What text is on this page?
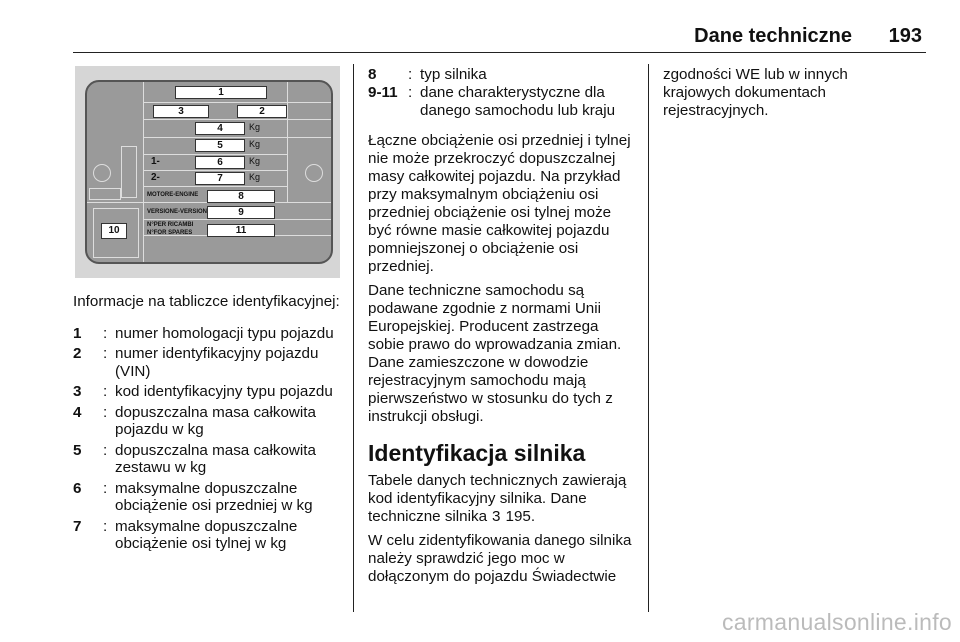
Dane techniczne 193
1
2
3
4
5
6
7
8
9
11
10
Kg
Kg
Kg
Kg
1-
2-
MOTORE-ENGINE
VERSIONE-VERSION
N°PER RICAMBI
N°FOR SPARES

Informacje na tabliczce identyfikacyjnej:

1	: numer homologacji typu pojazdu
2	: numer identyfikacyjny pojazdu (VIN)
3	: kod identyfikacyjny typu pojazdu
4	: dopuszczalna masa całkowita pojazdu w kg
5	: dopuszczalna masa całkowita zestawu w kg
6	: maksymalne dopuszczalne obciążenie osi przedniej w kg
7	: maksymalne dopuszczalne obciążenie osi tylnej w kg
8	: typ silnika
9-11 : dane charakterystyczne dla danego samochodu lub kraju

Łączne obciążenie osi przedniej i tylnej nie może przekroczyć dopuszczalnej masy całkowitej pojazdu. Na przykład przy maksymalnym obciążeniu osi przedniej obciążenie osi tylnej może być równe masie całkowitej pojazdu pomniejszonej o obciążenie osi przedniej.

Dane techniczne samochodu są podawane zgodnie z normami Unii Europejskiej. Producent zastrzega sobie prawo do wprowadzania zmian. Dane zamieszczone w dowodzie rejestracyjnym samochodu mają pierwszeństwo w stosunku do tych z instrukcji obsługi.

Identyfikacja silnika

Tabele danych technicznych zawierają kod identyfikacyjny silnika. Dane techniczne silnika 3 195.

W celu zidentyfikowania danego silnika należy sprawdzić jego moc w dołączonym do pojazdu Świadectwie

zgodności WE lub w innych krajowych dokumentach rejestracyjnych.

carmanualsonline.info
